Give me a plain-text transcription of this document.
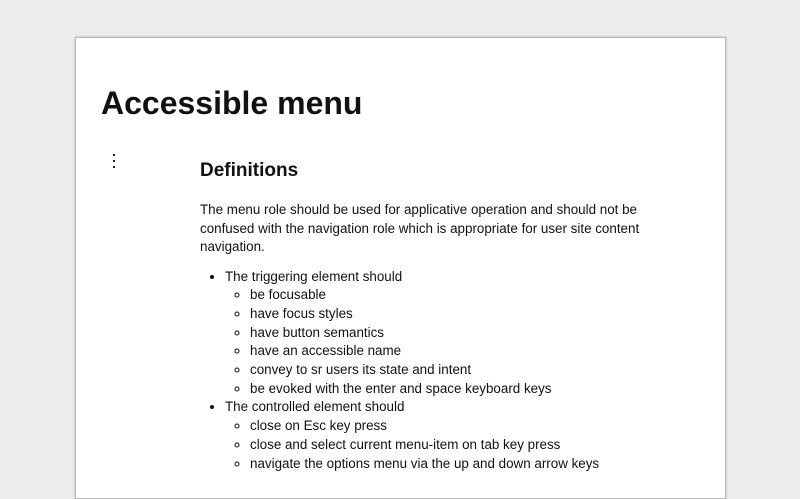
Accessible menu
Definitions

The menu role should be used for applicative operation and should not be confused with the navigation role which is appropriate for user site content navigation.

• The triggering element should
◦ be focusable
◦ have focus styles
◦ have button semantics
◦ have an accessible name
◦ convey to sr users its state and intent
◦ be evoked with the enter and space keyboard keys
• The controlled element should
◦ close on Esc key press
◦ close and select current menu-item on tab key press
◦ navigate the options menu via the up and down arrow keys
